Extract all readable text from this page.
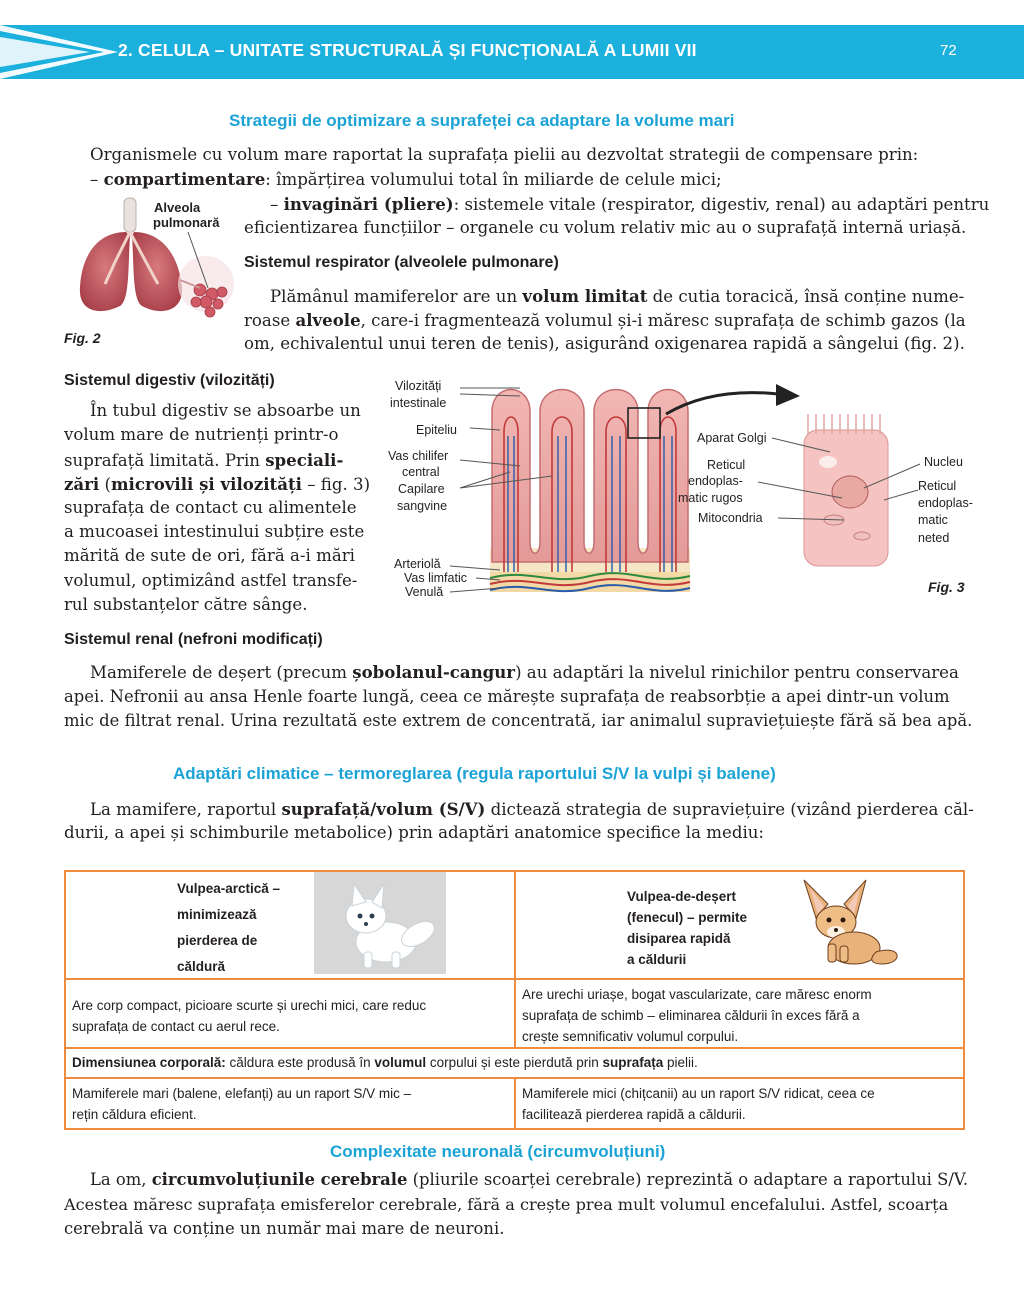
2. CELULA – UNITATE STRUCTURALĂ ȘI FUNCȚIONALĂ A LUMII VII	72
Strategii de optimizare a suprafeței ca adaptare la volume mari
Organismele cu volum mare raportat la suprafața pielii au dezvoltat strategii de compensare prin:
– compartimentare: împărțirea volumului total în miliarde de celule mici;
– invaginări (pliere): sistemele vitale (respirator, digestiv, renal) au adaptări pentru
eficientizarea funcțiilor – organele cu volum relativ mic au o suprafață internă uriașă.
Alveola
pulmonară
Fig. 2
Sistemul respirator (alveolele pulmonare)
Plămânul mamiferelor are un volum limitat de cutia toracică, însă conține nume-
roase alveole, care-i fragmentează volumul și-i măresc suprafața de schimb gazos (la
om, echivalentul unui teren de tenis), asigurând oxigenarea rapidă a sângelui (fig. 2).
Sistemul digestiv (vilozități)
În tubul digestiv se absoarbe un
volum mare de nutrienți printr-o
suprafață limitată. Prin speciali-
zări (microvili și vilozități – fig. 3)
suprafața de contact cu alimentele
a mucoasei intestinului subțire este
mărită de sute de ori, fără a-i mări
volumul, optimizând astfel transfe-
rul substanțelor către sânge.
Vilozități
intestinale
Epiteliu
Vas chilifer
central
Capilare
sangvine
Arteriolă
Vas limfatic
Venulă
Aparat Golgi
Reticul
endoplas-
matic rugos
Mitocondria
Nucleu
Reticul
endoplas-
matic
neted
Fig. 3
Sistemul renal (nefroni modificați)
Mamiferele de deșert (precum șobolanul-cangur) au adaptări la nivelul rinichilor pentru conservarea
apei. Nefronii au ansa Henle foarte lungă, ceea ce mărește suprafața de reabsorbție a apei dintr-un volum
mic de filtrat renal. Urina rezultată este extrem de concentrată, iar animalul supraviețuiește fără să bea apă.
Adaptări climatice – termoreglarea (regula raportului S/V la vulpi și balene)
La mamifere, raportul suprafață/volum (S/V) dictează strategia de supraviețuire (vizând pierderea căl-
durii, a apei și schimburile metabolice) prin adaptări anatomice specifice la mediu:
Vulpea-arctică –
minimizează
pierderea de
căldură
Vulpea-de-deșert
(fenecul) – permite
disiparea rapidă
a căldurii
Are corp compact, picioare scurte și urechi mici, care reduc
suprafața de contact cu aerul rece.
Are urechi uriașe, bogat vascularizate, care măresc enorm
suprafața de schimb – eliminarea căldurii în exces fără a
crește semnificativ volumul corpului.
Dimensiunea corporală: căldura este produsă în volumul corpului și este pierdută prin suprafața pielii.
Mamiferele mari (balene, elefanți) au un raport S/V mic –
rețin căldura eficient.
Mamiferele mici (chițcanii) au un raport S/V ridicat, ceea ce
facilitează pierderea rapidă a căldurii.
Complexitate neuronală (circumvoluțiuni)
La om, circumvoluțiunile cerebrale (pliurile scoarței cerebrale) reprezintă o adaptare a raportului S/V.
Acestea măresc suprafața emisferelor cerebrale, fără a crește prea mult volumul encefalului. Astfel, scoarța
cerebrală va conține un număr mai mare de neuroni.
